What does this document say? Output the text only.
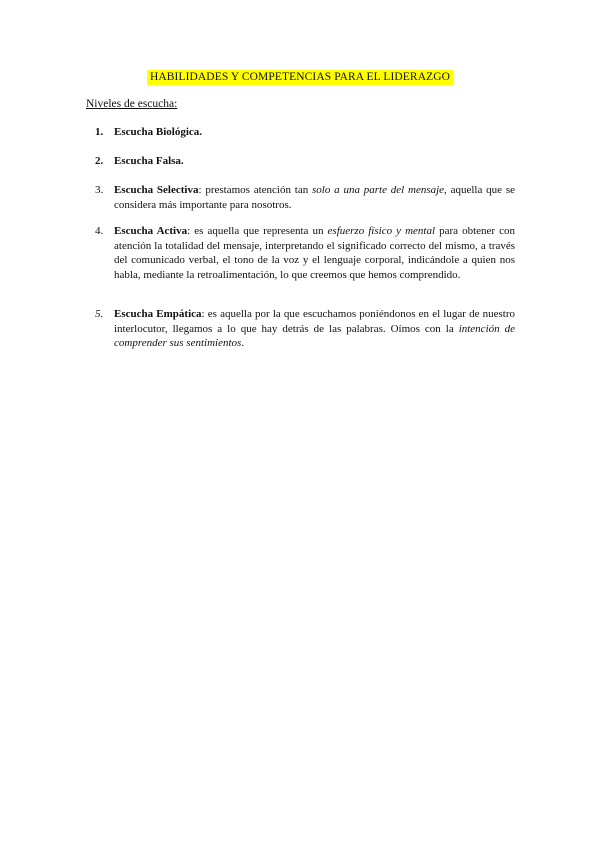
HABILIDADES Y COMPETENCIAS PARA EL LIDERAZGO
Niveles de escucha:
1. Escucha Biológica.
2. Escucha Falsa.
3. Escucha Selectiva: prestamos atención tan solo a una parte del mensaje, aquella que se considera más importante para nosotros.
4. Escucha Activa: es aquella que representa un esfuerzo físico y mental para obtener con atención la totalidad del mensaje, interpretando el significado correcto del mismo, a través del comunicado verbal, el tono de la voz y el lenguaje corporal, indicándole a quien nos habla, mediante la retroalimentación, lo que creemos que hemos comprendido.
5. Escucha Empática: es aquella por la que escuchamos poniéndonos en el lugar de nuestro interlocutor, llegamos a lo que hay detrás de las palabras. Oímos con la intención de comprender sus sentimientos.
